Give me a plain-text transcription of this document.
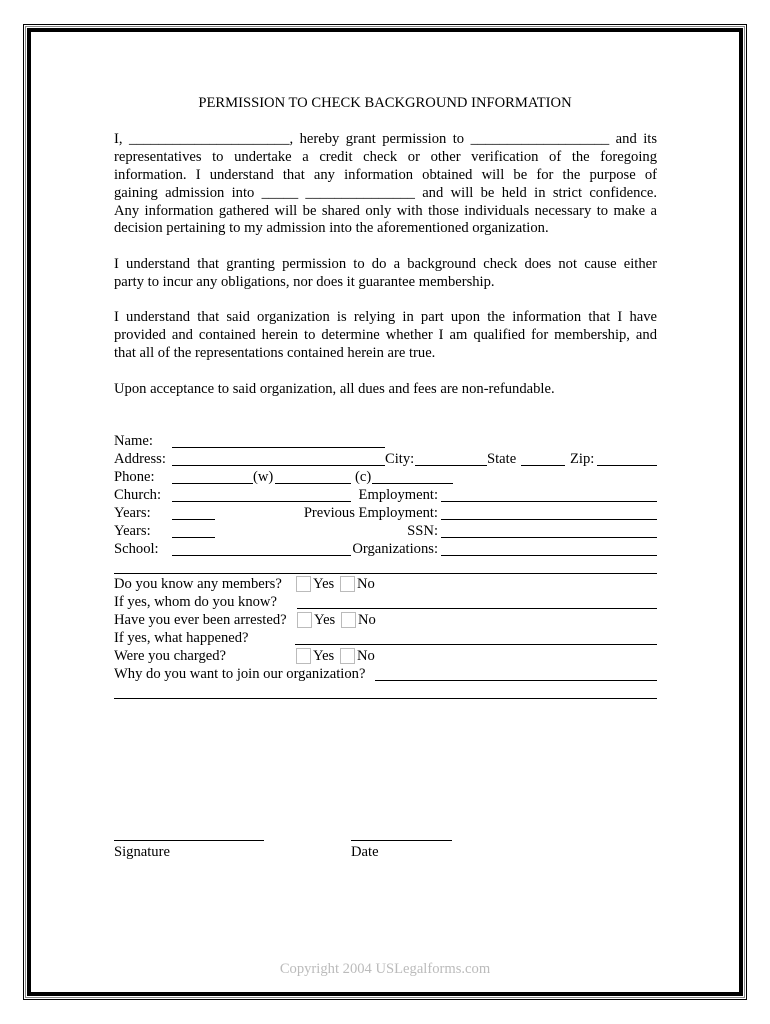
PERMISSION TO CHECK BACKGROUND INFORMATION
I, ______________________, hereby grant permission to ___________________ and its
representatives to undertake a credit check or other verification of the foregoing
information. I understand that any information obtained will be for the purpose of
gaining admission into _____ _______________ and will be held in strict confidence.
Any information gathered will be shared only with those individuals necessary to make a
decision pertaining to my admission into the aforementioned organization.
I understand that granting permission to do a background check does not cause either
party to incur any obligations, nor does it guarantee membership.
I understand that said organization is relying in part upon the information that I have
provided and contained herein to determine whether I am qualified for membership, and
that all of the representations contained herein are true.
Upon acceptance to said organization, all dues and fees are non-refundable.
Name:
Address:	City:	State	Zip:
Phone:	(w)	(c)
Church:	Employment:
Years:	Previous Employment:
Years:	SSN:
School:	Organizations:
Do you know any members? Yes No
If yes, whom do you know?
Have you ever been arrested? Yes No
If yes, what happened?
Were you charged?	Yes No
Why do you want to join our organization?
Signature	Date
Copyright 2004 USLegalforms.com
